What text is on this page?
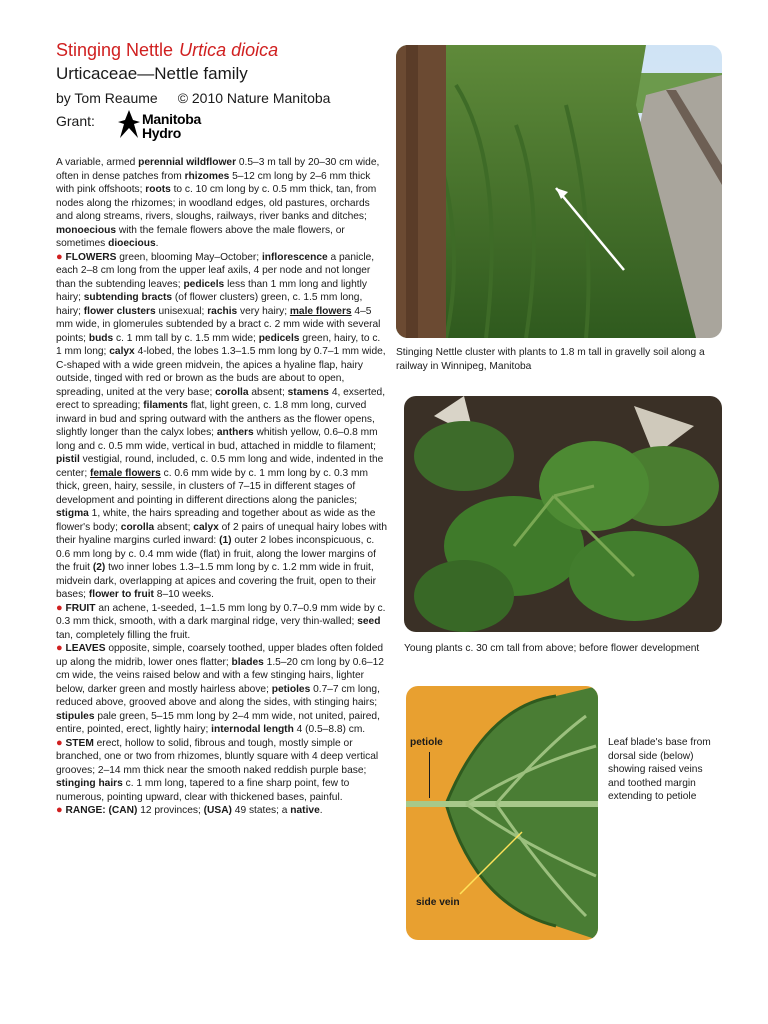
Stinging Nettle Urtica dioica
Urticaceae—Nettle family
by Tom Reaume © 2010 Nature Manitoba
Grant:	Manitoba
Hydro

A variable, armed perennial wildflower 0.5–3 m tall by 20–30 cm wide, often in dense patches from rhizomes 5–12 cm long by 2–6 mm thick with pink offshoots; roots to c. 10 cm long by c. 0.5 mm thick, tan, from nodes along the rhizomes; in woodland edges, old pastures, orchards and along streams, rivers, sloughs, railways, river banks and ditches; monoecious with the female flowers above the male flowers, or sometimes dioecious.

● FLOWERS green, blooming May–October; inflorescence a panicle, each 2–8 cm long from the upper leaf axils, 4 per node and not longer than the subtending leaves; pedicels less than 1 mm long and lightly hairy; subtending bracts (of flower clusters) green, c. 1.5 mm long, hairy; flower clusters unisexual; rachis very hairy; male flowers 4–5 mm wide, in glomerules subtended by a bract c. 2 mm wide with several points; buds c. 1 mm tall by c. 1.5 mm wide; pedicels green, hairy, to c. 1 mm long; calyx 4-lobed, the lobes 1.3–1.5 mm long by 0.7–1 mm wide, C-shaped with a wide green midvein, the apices a hyaline flap, hairy outside, tinged with red or brown as the buds are about to open, spreading, united at the very base; corolla absent; stamens 4, exserted, erect to spreading; filaments flat, light green, c. 1.8 mm long, curved inward in bud and spring outward with the anthers as the flower opens, slightly longer than the calyx lobes; anthers whitish yellow, 0.6–0.8 mm long and c. 0.5 mm wide, vertical in bud, attached in middle to filament; pistil vestigial, round, included, c. 0.5 mm long and wide, indented in the center; female flowers c. 0.6 mm wide by c. 1 mm long by c. 0.3 mm thick, green, hairy, sessile, in clusters of 7–15 in different stages of development and pointing in different directions along the panicles; stigma 1, white, the hairs spreading and together about as wide as the flower's body; corolla absent; calyx of 2 pairs of unequal hairy lobes with their hyaline margins curled inward: (1) outer 2 lobes inconspicuous, c. 0.6 mm long by c. 0.4 mm wide (flat) in fruit, along the lower margins of the fruit (2) two inner lobes 1.3–1.5 mm long by c. 1.2 mm wide in fruit, midvein dark, overlapping at apices and covering the fruit, open to their bases; flower to fruit 8–10 weeks.

● FRUIT an achene, 1-seeded, 1–1.5 mm long by 0.7–0.9 mm wide by c. 0.3 mm thick, smooth, with a dark marginal ridge, very thin-walled; seed tan, completely filling the fruit.

● LEAVES opposite, simple, coarsely toothed, upper blades often folded up along the midrib, lower ones flatter; blades 1.5–20 cm long by 0.6–12 cm wide, the veins raised below and with a few stinging hairs, lighter below, darker green and mostly hairless above; petioles 0.7–7 cm long, reduced above, grooved above and along the sides, with stinging hairs; stipules pale green, 5–15 mm long by 2–4 mm wide, not united, paired, entire, pointed, erect, lightly hairy; internodal length 4 (0.5–8.8) cm.

● STEM erect, hollow to solid, fibrous and tough, mostly simple or branched, one or two from rhizomes, bluntly square with 4 deep vertical grooves; 2–14 mm thick near the smooth naked reddish purple base; stinging hairs c. 1 mm long, tapered to a fine sharp point, few to numerous, pointing upward, clear with thickened bases, painful.

● RANGE: (CAN) 12 provinces; (USA) 49 states; a native.

Stinging Nettle cluster with plants to 1.8 m tall in gravelly soil along a railway in Winnipeg, Manitoba
Young plants c. 30 cm tall from above; before flower development
petiole
side vein
Leaf blade's base from dorsal side (below) showing raised veins and toothed margin extending to petiole
